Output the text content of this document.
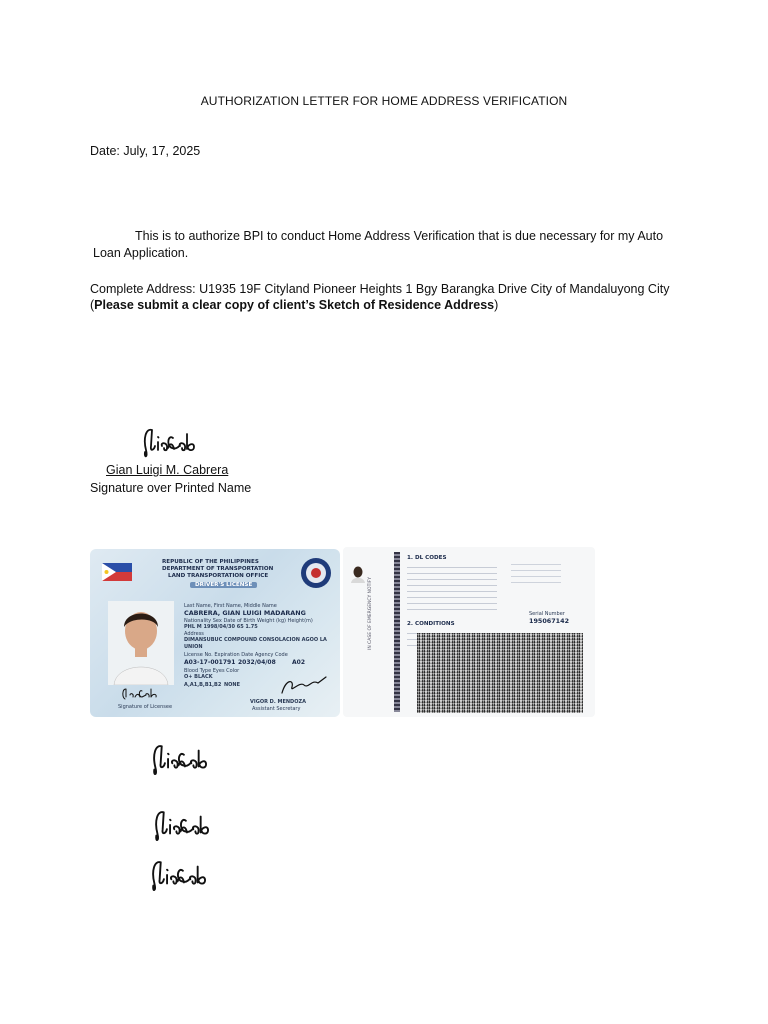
AUTHORIZATION LETTER FOR HOME ADDRESS VERIFICATION
Date: July, 17, 2025
This is to authorize BPI to conduct Home Address Verification that is due necessary for my Auto
Loan Application.
Complete Address: U1935 19F Cityland Pioneer Heights 1 Bgy Barangka Drive City of Mandaluyong City
(Please submit a clear copy of client’s Sketch of Residence Address)
Gian Luigi M. Cabrera
Signature over Printed Name
REPUBLIC OF THE PHILIPPINES
DEPARTMENT OF TRANSPORTATION
LAND TRANSPORTATION OFFICE
DRIVER'S LICENSE
Last Name, First Name, Middle Name
CABRERA, GIAN LUIGI MADARANG
Nationality Sex Date of Birth Weight (kg) Height(m)
PHL M 1998/04/30 65 1.75
Address
DIMANSUBUC COMPOUND CONSOLACION AGOO LA
UNION
License No. Expiration Date Agency Code
A03-17-001791 2032/04/08	A02
Blood Type Eyes Color
O+ BLACK
A,A1,B,B1,B2 NONE
Signature of Licensee
VIGOR D. MENDOZA
Assistant Secretary
IN CASE OF EMERGENCY NOTIFY
1. DL CODES
2. CONDITIONS
Serial Number
195067142
